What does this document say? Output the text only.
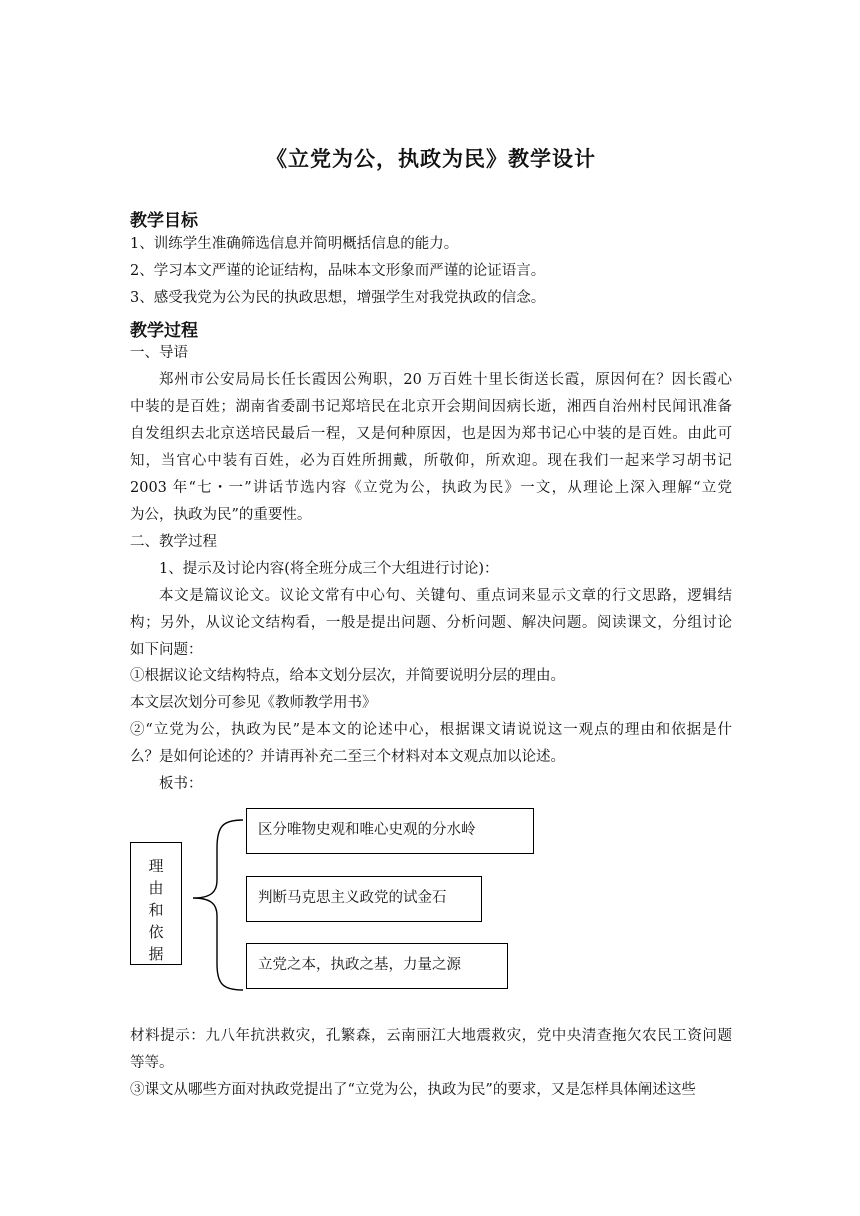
《立党为公，执政为民》教学设计
教学目标
1、训练学生准确筛选信息并简明概括信息的能力。
2、学习本文严谨的论证结构，品味本文形象而严谨的论证语言。
3、感受我党为公为民的执政思想，增强学生对我党执政的信念。
教学过程
一、导语
郑州市公安局局长任长霞因公殉职，20 万百姓十里长街送长霞，原因何在？因长霞心
中装的是百姓；湖南省委副书记郑培民在北京开会期间因病长逝，湘西自治州村民闻讯准备
自发组织去北京送培民最后一程，又是何种原因，也是因为郑书记心中装的是百姓。由此可
知，当官心中装有百姓，必为百姓所拥戴，所敬仰，所欢迎。现在我们一起来学习胡书记
2003 年“七・一”讲话节选内容《立党为公，执政为民》一文，从理论上深入理解“立党
为公，执政为民”的重要性。
二、教学过程
1、提示及讨论内容(将全班分成三个大组进行讨论)：
本文是篇议论文。议论文常有中心句、关键句、重点词来显示文章的行文思路，逻辑结
构；另外，从议论文结构看，一般是提出问题、分析问题、解决问题。阅读课文，分组讨论
如下问题：
①根据议论文结构特点，给本文划分层次，并简要说明分层的理由。
本文层次划分可参见《教师教学用书》
②“立党为公，执政为民”是本文的论述中心，根据课文请说说这一观点的理由和依据是什
么？是如何论述的？并请再补充二至三个材料对本文观点加以论述。
板书：
理
由
和
依
据
区分唯物史观和唯心史观的分水岭
判断马克思主义政党的试金石
立党之本，执政之基，力量之源
材料提示：九八年抗洪救灾，孔繁森，云南丽江大地震救灾，党中央清查拖欠农民工资问题
等等。
③课文从哪些方面对执政党提出了“立党为公，执政为民”的要求，又是怎样具体阐述这些
